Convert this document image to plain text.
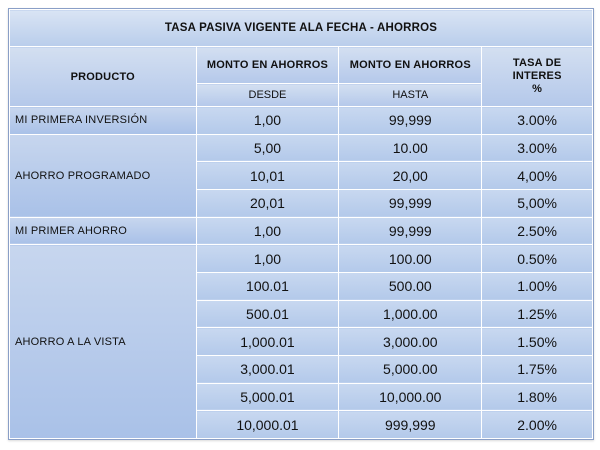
TASA PASIVA VIGENTE ALA FECHA - AHORROS			
PRODUCTO	MONTO EN AHORROS	MONTO EN AHORROS	TASA DE
INTERES
%
	DESDE	HASTA	
MI PRIMERA INVERSIÓN	1,00	99,999	3.00%
AHORRO PROGRAMADO	5,00	10.00	3.00%
	10,01	20,00	4,00%
	20,01	99,999	5,00%
MI PRIMER AHORRO	1,00	99,999	2.50%
AHORRO A LA VISTA	1,00	100.00	0.50%
	100.01	500.00	1.00%
	500.01	1,000.00	1.25%
	1,000.01	3,000.00	1.50%
	3,000.01	5,000.00	1.75%
	5,000.01	10,000.00	1.80%
	10,000.01	999,999	2.00%
